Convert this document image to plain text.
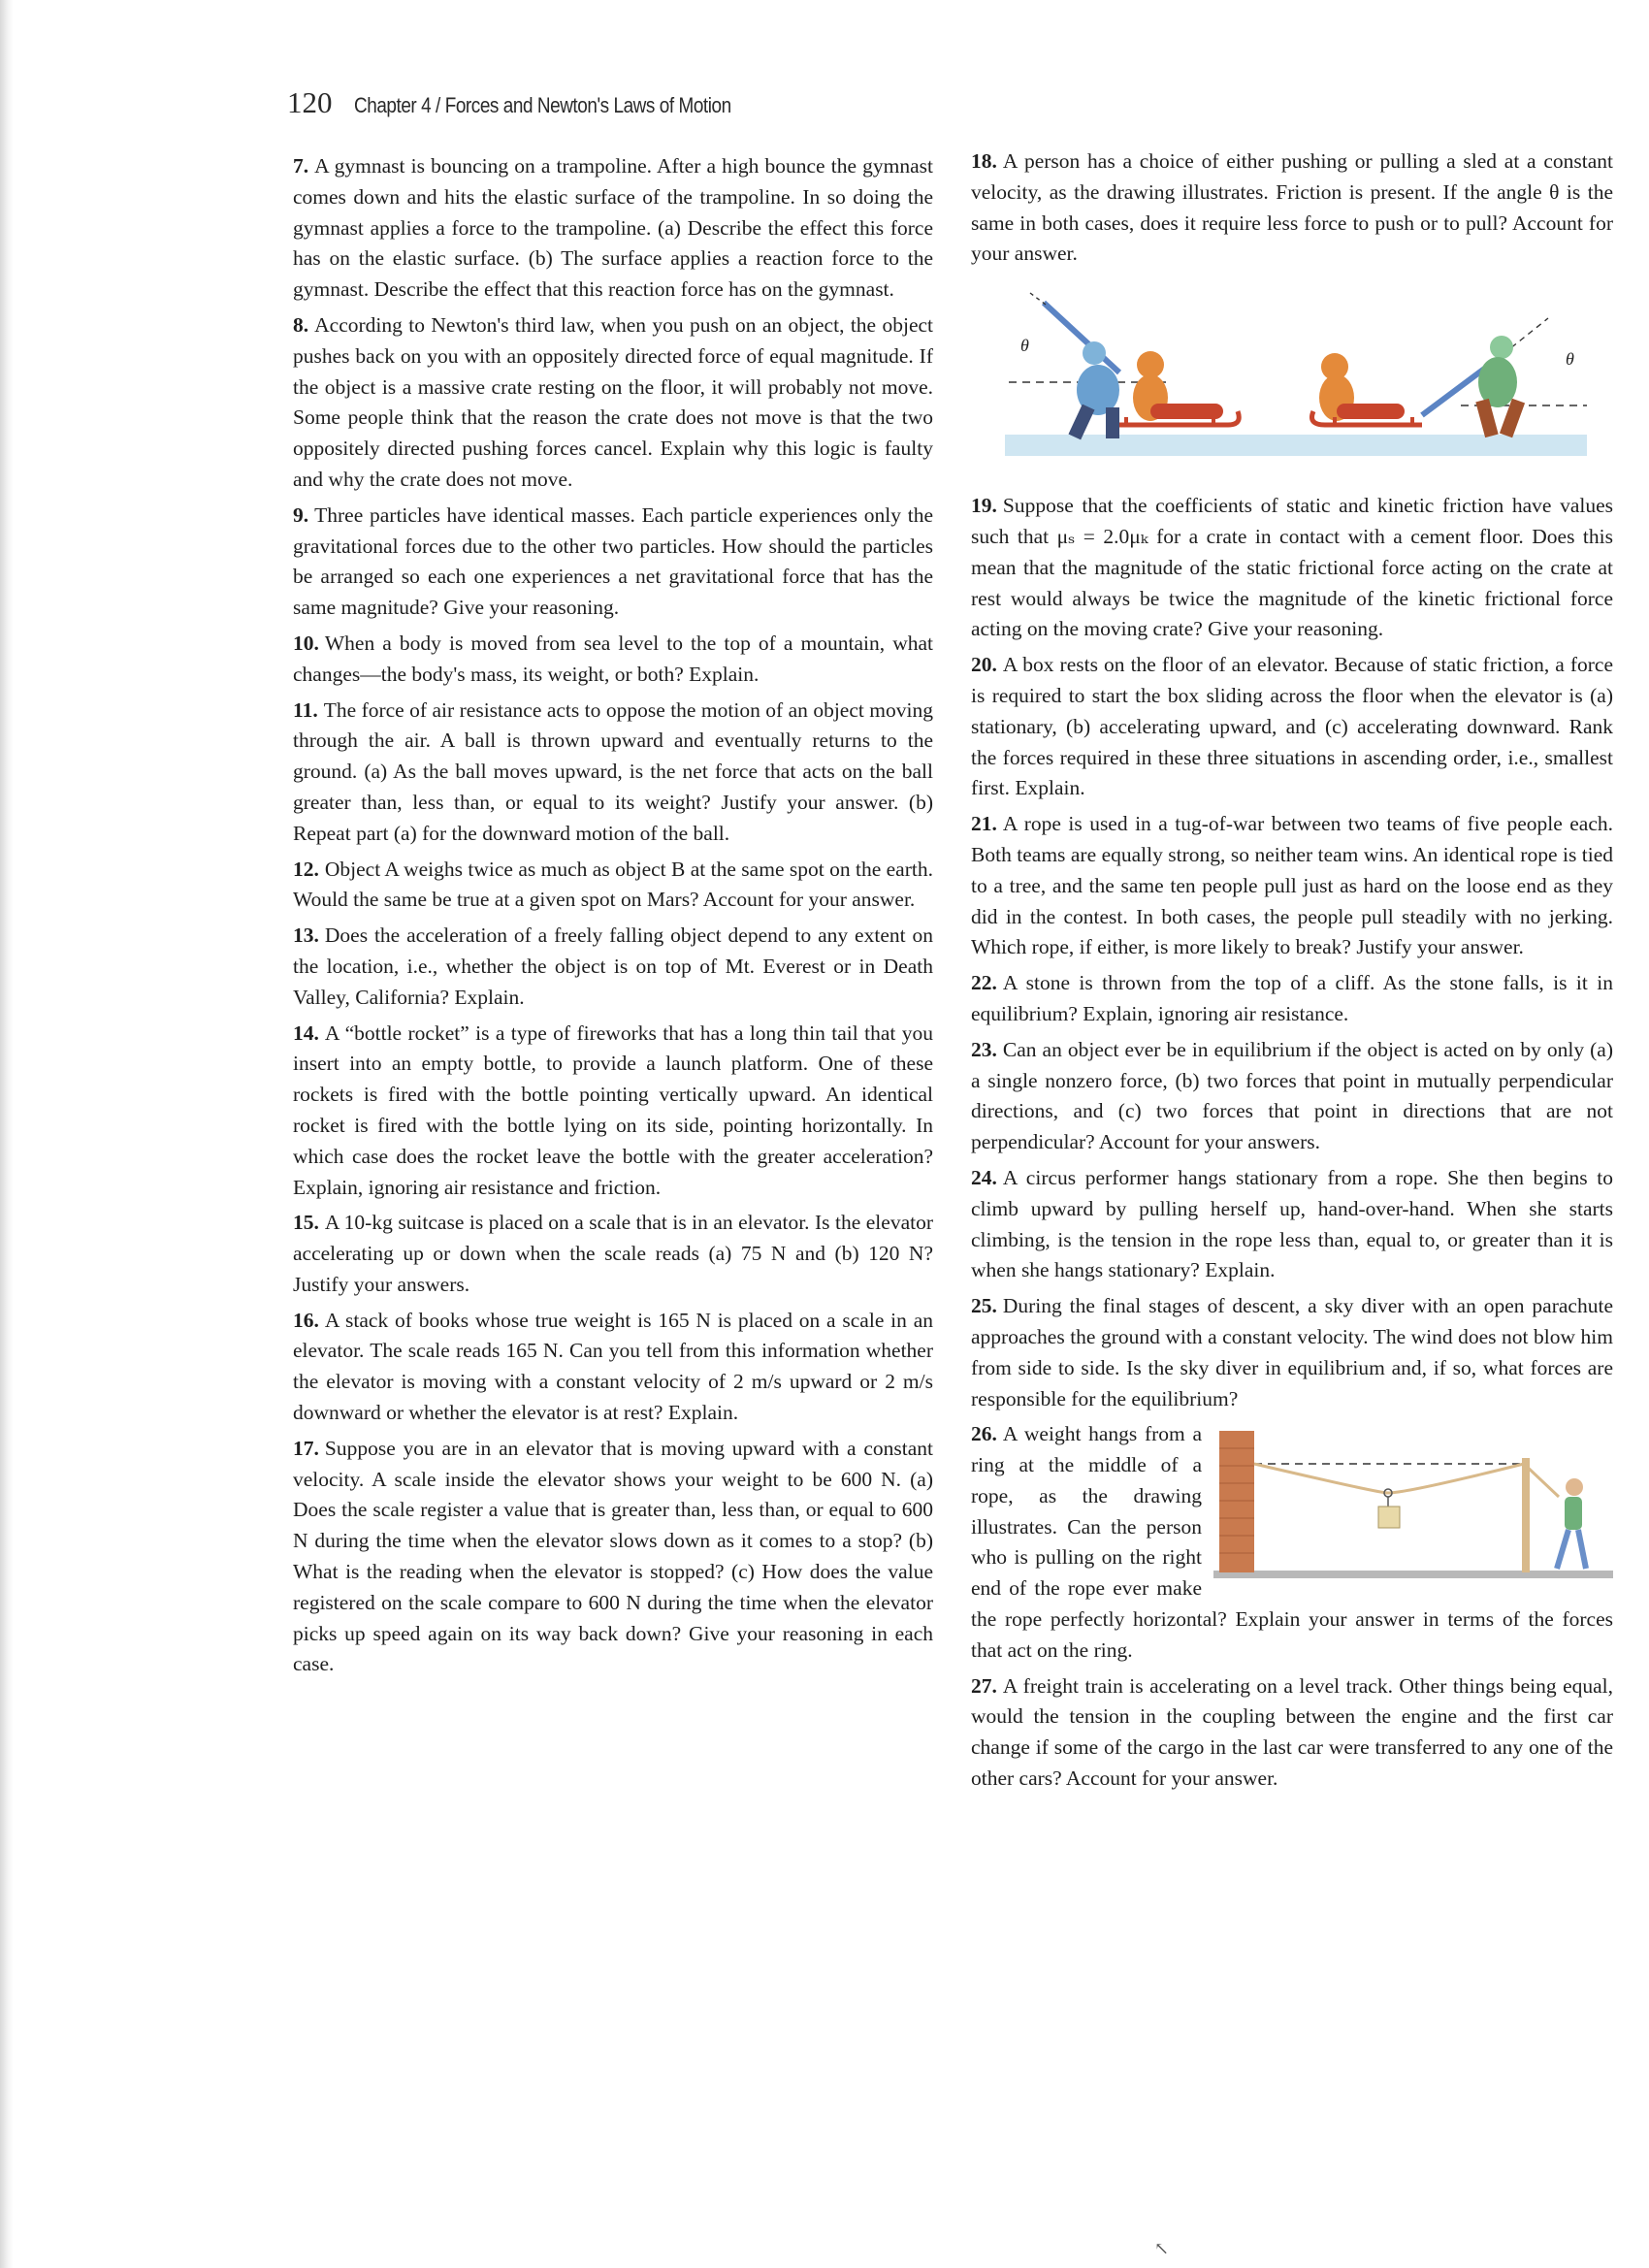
120 Chapter 4 / Forces and Newton's Laws of Motion

7. A gymnast is bouncing on a trampoline. After a high bounce the gymnast comes down and hits the elastic surface of the trampoline. In so doing the gymnast applies a force to the trampoline. (a) Describe the effect this force has on the elastic surface. (b) The surface applies a reaction force to the gymnast. Describe the effect that this reaction force has on the gymnast.

8. According to Newton's third law, when you push on an object, the object pushes back on you with an oppositely directed force of equal magnitude. If the object is a massive crate resting on the floor, it will probably not move. Some people think that the reason the crate does not move is that the two oppositely directed pushing forces cancel. Explain why this logic is faulty and why the crate does not move.

9. Three particles have identical masses. Each particle experiences only the gravitational forces due to the other two particles. How should the particles be arranged so each one experiences a net gravitational force that has the same magnitude? Give your reasoning.

10. When a body is moved from sea level to the top of a mountain, what changes—the body's mass, its weight, or both? Explain.

11. The force of air resistance acts to oppose the motion of an object moving through the air. A ball is thrown upward and eventually returns to the ground. (a) As the ball moves upward, is the net force that acts on the ball greater than, less than, or equal to its weight? Justify your answer. (b) Repeat part (a) for the downward motion of the ball.

12. Object A weighs twice as much as object B at the same spot on the earth. Would the same be true at a given spot on Mars? Account for your answer.

13. Does the acceleration of a freely falling object depend to any extent on the location, i.e., whether the object is on top of Mt. Everest or in Death Valley, California? Explain.

14. A “bottle rocket” is a type of fireworks that has a long thin tail that you insert into an empty bottle, to provide a launch platform. One of these rockets is fired with the bottle pointing vertically upward. An identical rocket is fired with the bottle lying on its side, pointing horizontally. In which case does the rocket leave the bottle with the greater acceleration? Explain, ignoring air resistance and friction.

15. A 10-kg suitcase is placed on a scale that is in an elevator. Is the elevator accelerating up or down when the scale reads (a) 75 N and (b) 120 N? Justify your answers.

16. A stack of books whose true weight is 165 N is placed on a scale in an elevator. The scale reads 165 N. Can you tell from this information whether the elevator is moving with a constant velocity of 2 m/s upward or 2 m/s downward or whether the elevator is at rest? Explain.

17. Suppose you are in an elevator that is moving upward with a constant velocity. A scale inside the elevator shows your weight to be 600 N. (a) Does the scale register a value that is greater than, less than, or equal to 600 N during the time when the elevator slows down as it comes to a stop? (b) What is the reading when the elevator is stopped? (c) How does the value registered on the scale compare to 600 N during the time when the elevator picks up speed again on its way back down? Give your reasoning in each case.

18. A person has a choice of either pushing or pulling a sled at a constant velocity, as the drawing illustrates. Friction is present. If the angle θ is the same in both cases, does it require less force to push or to pull? Account for your answer.

θ
θ

19. Suppose that the coefficients of static and kinetic friction have values such that μₛ = 2.0μₖ for a crate in contact with a cement floor. Does this mean that the magnitude of the static frictional force acting on the crate at rest would always be twice the magnitude of the kinetic frictional force acting on the moving crate? Give your reasoning.

20. A box rests on the floor of an elevator. Because of static friction, a force is required to start the box sliding across the floor when the elevator is (a) stationary, (b) accelerating upward, and (c) accelerating downward. Rank the forces required in these three situations in ascending order, i.e., smallest first. Explain.

21. A rope is used in a tug-of-war between two teams of five people each. Both teams are equally strong, so neither team wins. An identical rope is tied to a tree, and the same ten people pull just as hard on the loose end as they did in the contest. In both cases, the people pull steadily with no jerking. Which rope, if either, is more likely to break? Justify your answer.

22. A stone is thrown from the top of a cliff. As the stone falls, is it in equilibrium? Explain, ignoring air resistance.

23. Can an object ever be in equilibrium if the object is acted on by only (a) a single nonzero force, (b) two forces that point in mutually perpendicular directions, and (c) two forces that point in directions that are not perpendicular? Account for your answers.

24. A circus performer hangs stationary from a rope. She then begins to climb upward by pulling herself up, hand-over-hand. When she starts climbing, is the tension in the rope less than, equal to, or greater than it is when she hangs stationary? Explain.

25. During the final stages of descent, a sky diver with an open parachute approaches the ground with a constant velocity. The wind does not blow him from side to side. Is the sky diver in equilibrium and, if so, what forces are responsible for the equilibrium?

26. A weight hangs from a ring at the middle of a rope, as the drawing illustrates. Can the person who is pulling on the right end of the rope ever make the rope perfectly horizontal? Explain your answer in terms of the forces that act on the ring.

27. A freight train is accelerating on a level track. Other things being equal, would the tension in the coupling between the engine and the first car change if some of the cargo in the last car were transferred to any one of the other cars? Account for your answer.

↖
